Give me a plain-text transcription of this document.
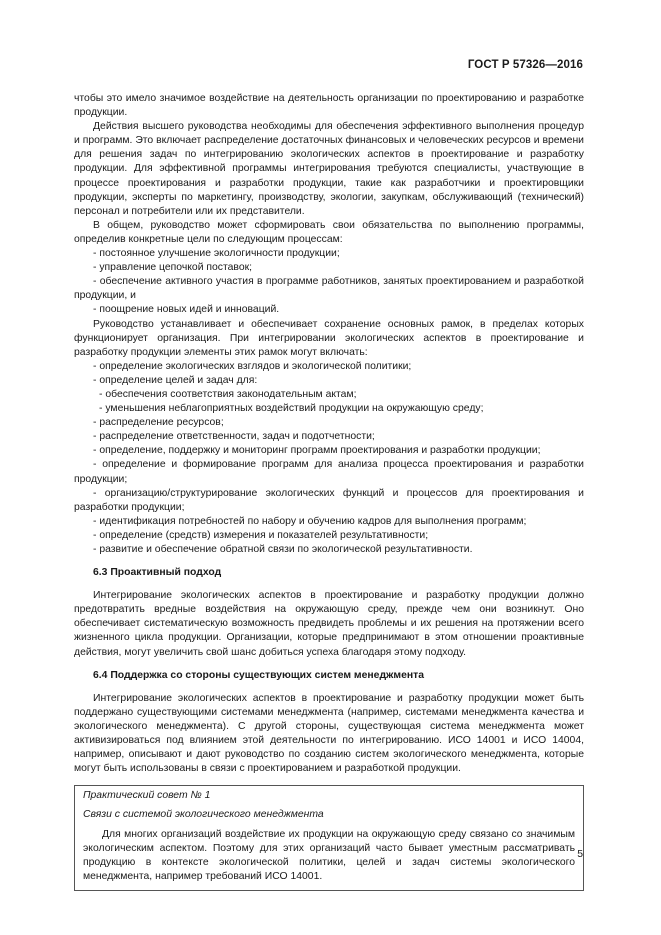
ГОСТ Р 57326—2016

чтобы это имело значимое воздействие на деятельность организации по проектированию и разработке продукции.

Действия высшего руководства необходимы для обеспечения эффективного выполнения процедур и программ. Это включает распределение достаточных финансовых и человеческих ресурсов и времени для решения задач по интегрированию экологических аспектов в проектирование и разработку продукции. Для эффективной программы интегрирования требуются специалисты, участвующие в процессе проектирования и разработки продукции, такие как разработчики и проектировщики продукции, эксперты по маркетингу, производству, экологии, закупкам, обслуживающий (технический) персонал и потребители или их представители.

В общем, руководство может сформировать свои обязательства по выполнению программы, определив конкретные цели по следующим процессам:

- постоянное улучшение экологичности продукции;

- управление цепочкой поставок;

- обеспечение активного участия в программе работников, занятых проектированием и разработкой продукции, и

- поощрение новых идей и инноваций.

Руководство устанавливает и обеспечивает сохранение основных рамок, в пределах которых функционирует организация. При интегрировании экологических аспектов в проектирование и разработку продукции элементы этих рамок могут включать:

- определение экологических взглядов и экологической политики;

- определение целей и задач для:

- обеспечения соответствия законодательным актам;

- уменьшения неблагоприятных воздействий продукции на окружающую среду;

- распределение ресурсов;

- распределение ответственности, задач и подотчетности;

- определение, поддержку и мониторинг программ проектирования и разработки продукции;

- определение и формирование программ для анализа процесса проектирования и разработки продукции;

- организацию/структурирование экологических функций и процессов для проектирования и разработки продукции;

- идентификация потребностей по набору и обучению кадров для выполнения программ;

- определение (средств) измерения и показателей результативности;

- развитие и обеспечение обратной связи по экологической результативности.

6.3 Проактивный подход

Интегрирование экологических аспектов в проектирование и разработку продукции должно предотвратить вредные воздействия на окружающую среду, прежде чем они возникнут. Оно обеспечивает систематическую возможность предвидеть проблемы и их решения на протяжении всего жизненного цикла продукции. Организации, которые предпринимают в этом отношении проактивные действия, могут увеличить свой шанс добиться успеха благодаря этому подходу.

6.4 Поддержка со стороны существующих систем менеджмента

Интегрирование экологических аспектов в проектирование и разработку продукции может быть поддержано существующими системами менеджмента (например, системами менеджмента качества и экологического менеджмента). С другой стороны, существующая система менеджмента может активизироваться под влиянием этой деятельности по интегрированию. ИСО 14001 и ИСО 14004, например, описывают и дают руководство по созданию систем экологического менеджмента, которые могут быть использованы в связи с проектированием и разработкой продукции.

Практический совет № 1

Связи с системой экологического менеджмента

Для многих организаций воздействие их продукции на окружающую среду связано со значимым экологическим аспектом. Поэтому для этих организаций часто бывает уместным рассматривать продукцию в контексте экологической политики, целей и задач системы экологического менеджмента, например требований ИСО 14001.

5
